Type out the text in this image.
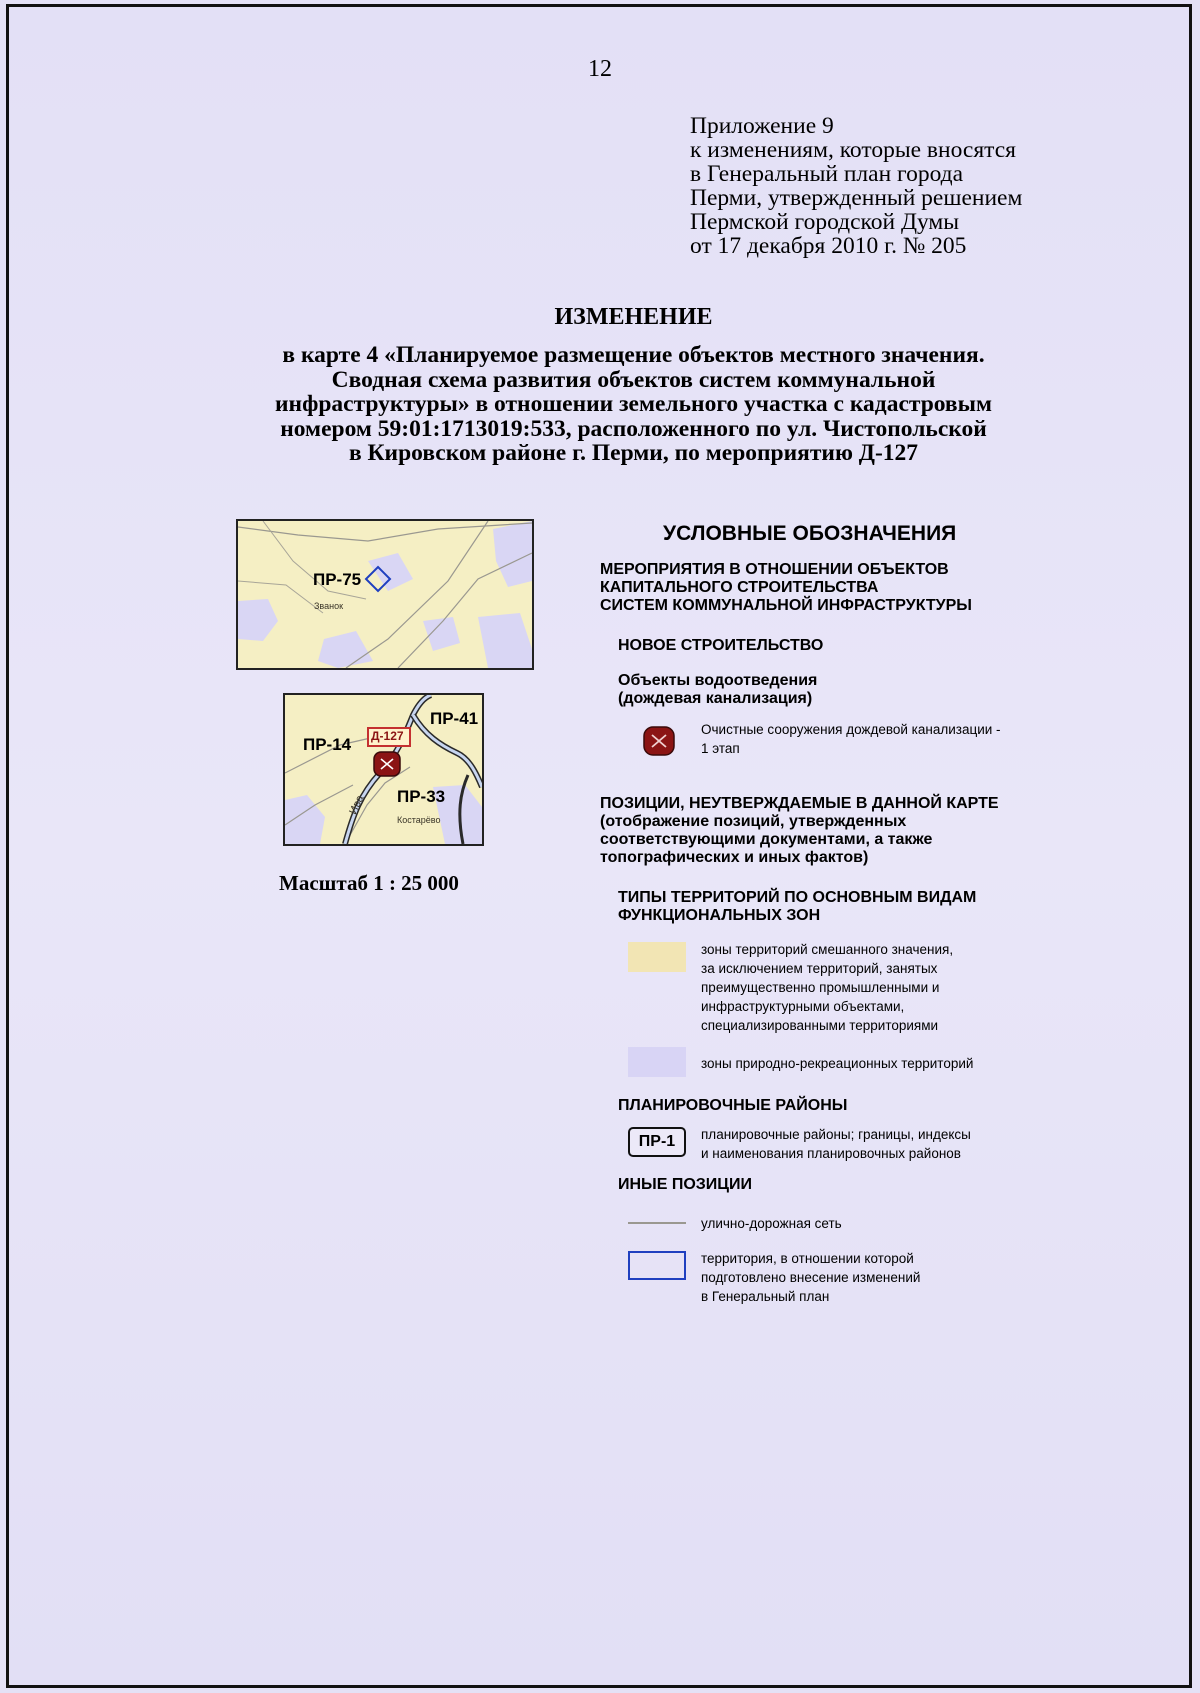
12
Приложение 9
к изменениям, которые вносятся
в Генеральный план города
Перми, утвержденный решением
Пермской городской Думы
от 17 декабря 2010 г. № 205
ИЗМЕНЕНИЕ
в карте 4 «Планируемое размещение объектов местного значения.
Сводная схема развития объектов систем коммунальной
инфраструктуры» в отношении земельного участка с кадастровым
номером 59:01:1713019:533, расположенного по ул. Чистопольской
в Кировском районе г. Перми, по мероприятию Д-127
ПР-75
Званок
ПР-14
ПР-41
ПР-33
Д-127
Ива
Костарёво
Масштаб 1 : 25 000
УСЛОВНЫЕ ОБОЗНАЧЕНИЯ
МЕРОПРИЯТИЯ В ОТНОШЕНИИ ОБЪЕКТОВ
КАПИТАЛЬНОГО СТРОИТЕЛЬСТВА
СИСТЕМ КОММУНАЛЬНОЙ ИНФРАСТРУКТУРЫ
НОВОЕ СТРОИТЕЛЬСТВО
Объекты водоотведения
(дождевая канализация)
Очистные сооружения дождевой канализации -
1 этап
ПОЗИЦИИ, НЕУТВЕРЖДАЕМЫЕ В ДАННОЙ КАРТЕ
(отображение позиций, утвержденных
соответствующими документами, а также
топографических и иных фактов)
ТИПЫ ТЕРРИТОРИЙ ПО ОСНОВНЫМ ВИДАМ
ФУНКЦИОНАЛЬНЫХ ЗОН
зоны территорий смешанного значения,
за исключением территорий, занятых
преимущественно промышленными и
инфраструктурными объектами,
специализированными территориями
зоны природно-рекреационных территорий
ПЛАНИРОВОЧНЫЕ РАЙОНЫ
ПР-1	планировочные районы; границы, индексы
и наименования планировочных районов
ИНЫЕ ПОЗИЦИИ
улично-дорожная сеть
территория, в отношении которой
подготовлено внесение изменений
в Генеральный план
